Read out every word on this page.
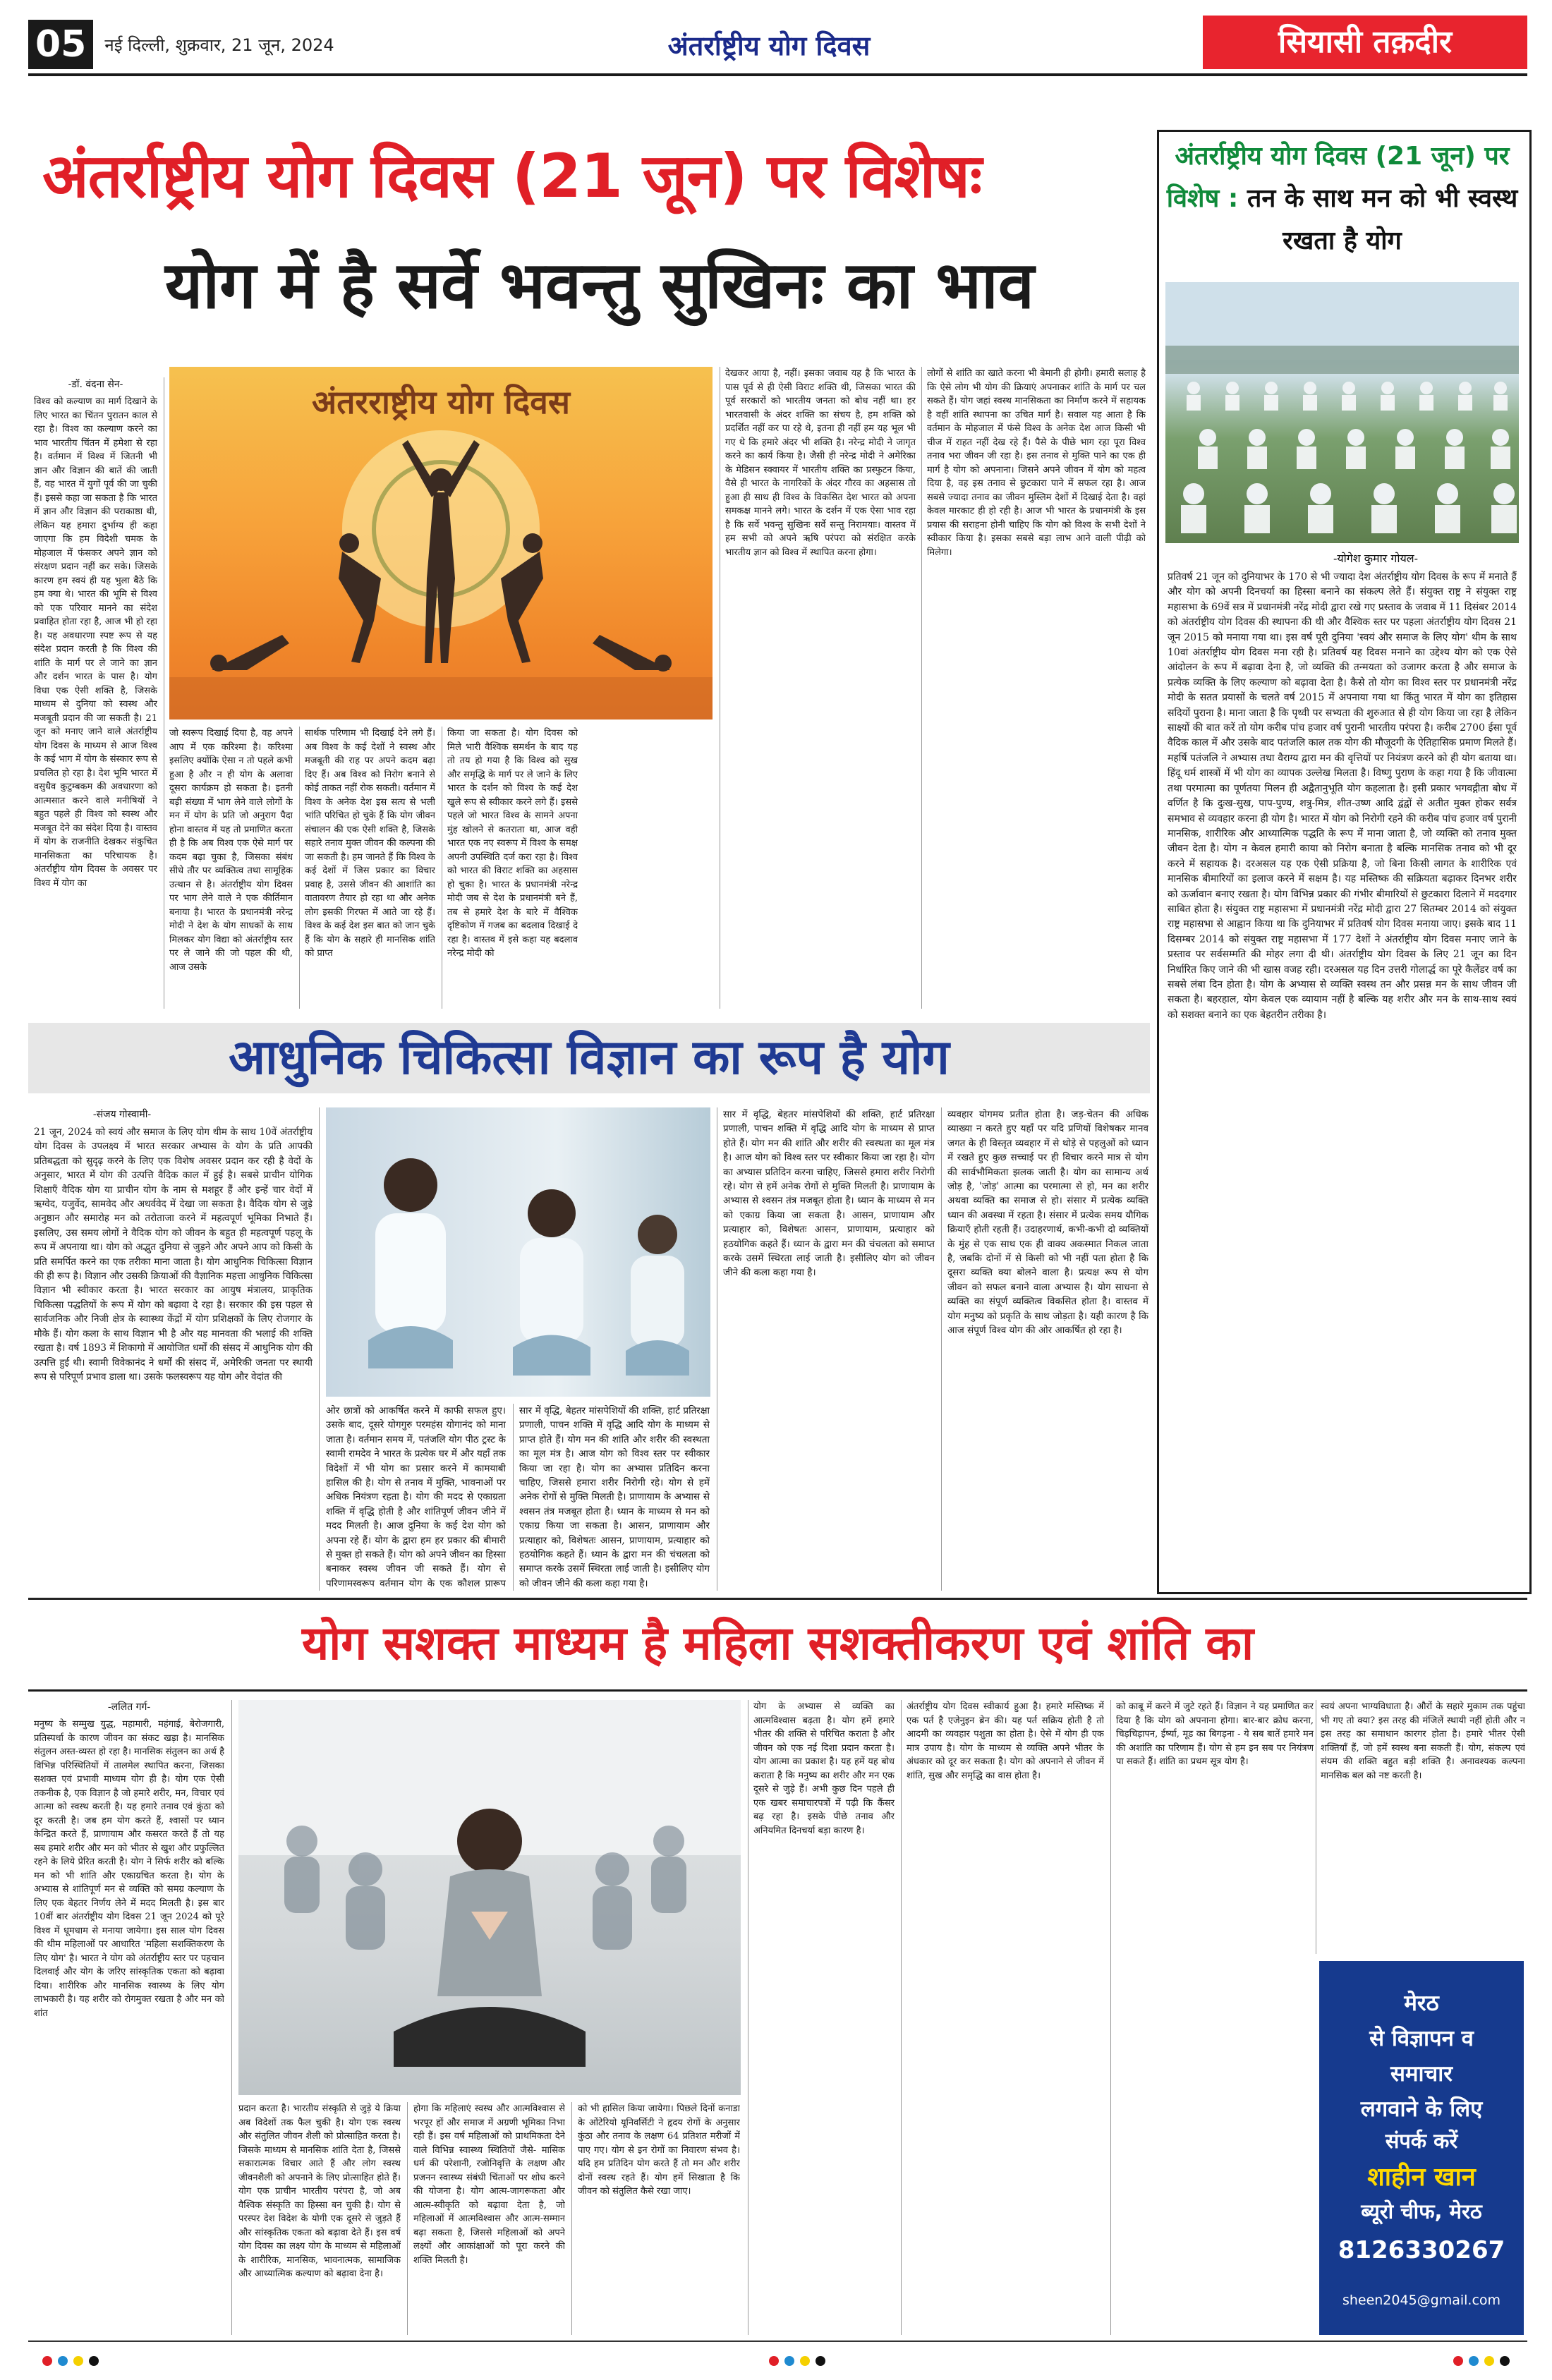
05	नई दिल्ली, शुक्रवार, 21 जून, 2024	अंतर्राष्ट्रीय योग दिवस	सियासी तक़दीर
अंतर्राष्ट्रीय योग दिवस (21 जून) पर विशेषः
योग में है सर्वे भवन्तु सुखिनः का भाव
-डॉ. वंदना सेन-
विश्व को कल्याण का मार्ग दिखाने के लिए भारत का चिंतन पुरातन काल से रहा है। विश्व का कल्याण करने का भाव भारतीय चिंतन में हमेशा से रहा है। वर्तमान में विश्व में जितनी भी ज्ञान और विज्ञान की बातें की जाती हैं, वह भारत में युगों पूर्व की जा चुकी हैं। इससे कहा जा सकता है कि भारत में ज्ञान और विज्ञान की पराकाष्ठा थी, लेकिन यह हमारा दुर्भाग्य ही कहा जाएगा कि हम विदेशी चमक के मोहजाल में फंसकर अपने ज्ञान को संरक्षण प्रदान नहीं कर सके। जिसके कारण हम स्वयं ही यह भुला बैठे कि हम क्या थे। भारत की भूमि से विश्व को एक परिवार मानने का संदेश प्रवाहित होता रहा है, आज भी हो रहा है। यह अवधारणा स्पष्ट रूप से यह संदेश प्रदान करती है कि विश्व की शांति के मार्ग पर ले जाने का ज्ञान और दर्शन भारत के पास है। योग विधा एक ऐसी शक्ति है, जिसके माध्यम से दुनिया को स्वस्थ और मजबूती प्रदान की जा सकती है। 21 जून को मनाए जाने वाले अंतर्राष्ट्रीय योग दिवस के माध्यम से आज विश्व के कई भाग में योग के संस्कार रूप से प्रचलित हो रहा है। देश भूमि भारत में वसुधैव कुटुम्बकम की अवधारणा को आत्मसात करने वाले मनीषियों ने बहुत पहले ही विश्व को स्वस्थ और मजबूत देने का संदेश दिया है। वास्तव में योग के राजनीति देखकर संकुचित मानसिकता का परिचायक है। अंतर्राष्ट्रीय योग दिवस के अवसर पर विश्व में योग का
अंतरराष्ट्रीय योग दिवस
जो स्वरूप दिखाई दिया है, वह अपने आप में एक करिश्मा है। करिश्मा इसलिए क्योंकि ऐसा न तो पहले कभी हुआ है और न ही योग के अलावा दूसरा कार्यक्रम हो सकता है। इतनी बड़ी संख्या में भाग लेने वाले लोगों के मन में योग के प्रति जो अनुराग पैदा होना वास्तव में यह तो प्रमाणित करता ही है कि अब विश्व एक ऐसे मार्ग पर कदम बढ़ा चुका है, जिसका संबंध सीधे तौर पर व्यक्तित्व तथा सामूहिक उत्थान से है। अंतर्राष्ट्रीय योग दिवस पर भाग लेने वाले ने एक कीर्तिमान बनाया है। भारत के प्रधानमंत्री नरेन्द्र मोदी ने देश के योग साधकों के साथ मिलकर योग विद्या को अंतर्राष्ट्रीय स्तर पर ले जाने की जो पहल की थी, आज उसके
सार्थक परिणाम भी दिखाई देने लगे हैं। अब विश्व के कई देशों ने स्वस्थ और मजबूती की राह पर अपने कदम बढ़ा दिए हैं। अब विश्व को निरोग बनाने से कोई ताकत नहीं रोक सकती। वर्तमान में विश्व के अनेक देश इस सत्य से भली भांति परिचित हो चुके हैं कि योग जीवन संचालन की एक ऐसी शक्ति है, जिसके सहारे तनाव मुक्त जीवन की कल्पना की जा सकती है। हम जानते हैं कि विश्व के कई देशों में जिस प्रकार का विचार प्रवाह है, उससे जीवन की आशांति का वातावरण तैयार हो रहा था और अनेक लोग इसकी गिरफ्त में आते जा रहे हैं। विश्व के कई देश इस बात को जान चुके हैं कि योग के सहारे ही मानसिक शांति को प्राप्त
किया जा सकता है। योग दिवस को मिले भारी वैश्विक समर्थन के बाद यह तो तय हो गया है कि विश्व को सुख और समृद्धि के मार्ग पर ले जाने के लिए भारत के दर्शन को विश्व के कई देश खुले रूप से स्वीकार करने लगे हैं। इससे पहले जो भारत विश्व के सामने अपना मुंह खोलने से कतराता था, आज वही भारत एक नए स्वरूप में विश्व के समक्ष अपनी उपस्थिति दर्ज करा रहा है। विश्व को भारत की विराट शक्ति का अहसास हो चुका है। भारत के प्रधानमंत्री नरेन्द्र मोदी जब से देश के प्रधानमंत्री बने हैं, तब से हमारे देश के बारे में वैश्विक दृष्टिकोण में गजब का बदलाव दिखाई दे रहा है। वास्तव में इसे कहा यह बदलाव नरेन्द्र मोदी को
देखकर आया है, नहीं। इसका जवाब यह है कि भारत के पास पूर्व से ही ऐसी विराट शक्ति थी, जिसका भारत की पूर्व सरकारों को भारतीय जनता को बोध नहीं था। हर भारतवासी के अंदर शक्ति का संचय है, हम शक्ति को प्रदर्शित नहीं कर पा रहे थे, इतना ही नहीं हम यह भूल भी गए थे कि हमारे अंदर भी शक्ति है। नरेन्द्र मोदी ने जागृत करने का कार्य किया है। जैसी ही नरेन्द्र मोदी ने अमेरिका के मेडिसन स्क्वायर में भारतीय शक्ति का प्रस्फुटन किया, वैसे ही भारत के नागरिकों के अंदर गौरव का अहसास तो हुआ ही साथ ही विश्व के विकसित देश भारत को अपना समकक्ष मानने लगे। भारत के दर्शन में एक ऐसा भाव रहा है कि सर्वे भवन्तु सुखिनः सर्वे सन्तु निरामयाः। वास्तव में हम सभी को अपने ऋषि परंपरा को संरक्षित करके भारतीय ज्ञान को विश्व में स्थापित करना होगा।
लोगों से शांति का खाते करना भी बेमानी ही होगी। हमारी सलाह है कि ऐसे लोग भी योग की क्रियाएं अपनाकर शांति के मार्ग पर चल सकते हैं। योग जहां स्वस्थ मानसिकता का निर्माण करने में सहायक है वहीं शांति स्थापना का उचित मार्ग है। सवाल यह आता है कि वर्तमान के मोहजाल में फंसे विश्व के अनेक देश आज किसी भी चीज में राहत नहीं देख रहे हैं। पैसे के पीछे भाग रहा पूरा विश्व तनाव भरा जीवन जी रहा है। इस तनाव से मुक्ति पाने का एक ही मार्ग है योग को अपनाना। जिसने अपने जीवन में योग को महत्व दिया है, वह इस तनाव से छुटकारा पाने में सफल रहा है। आज सबसे ज्यादा तनाव का जीवन मुस्लिम देशों में दिखाई देता है। वहां केवल मारकाट ही हो रही है। आज भी भारत के प्रधानमंत्री के इस प्रयास की सराहना होनी चाहिए कि योग को विश्व के सभी देशों ने स्वीकार किया है। इसका सबसे बड़ा लाभ आने वाली पीढ़ी को मिलेगा।
अंतर्राष्ट्रीय योग दिवस (21 जून) पर विशेष : तन के साथ मन को भी स्वस्थ रखता है योग
-योगेश कुमार गोयल-
प्रतिवर्ष 21 जून को दुनियाभर के 170 से भी ज्यादा देश अंतर्राष्ट्रीय योग दिवस के रूप में मनाते हैं और योग को अपनी दिनचर्या का हिस्सा बनाने का संकल्प लेते हैं। संयुक्त राष्ट्र ने संयुक्त राष्ट्र महासभा के 69वें सत्र में प्रधानमंत्री नरेंद्र मोदी द्वारा रखे गए प्रस्ताव के जवाब में 11 दिसंबर 2014 को अंतर्राष्ट्रीय योग दिवस की स्थापना की थी और वैश्विक स्तर पर पहला अंतर्राष्ट्रीय योग दिवस 21 जून 2015 को मनाया गया था। इस वर्ष पूरी दुनिया 'स्वयं और समाज के लिए योग' थीम के साथ 10वां अंतर्राष्ट्रीय योग दिवस मना रही है। प्रतिवर्ष यह दिवस मनाने का उद्देश्य योग को एक ऐसे आंदोलन के रूप में बढ़ावा देना है, जो व्यक्ति की तन्मयता को उजागर करता है और समाज के प्रत्येक व्यक्ति के लिए कल्याण को बढ़ावा देता है। कैसे तो योग का विश्व स्तर पर प्रधानमंत्री नरेंद्र मोदी के सतत प्रयासों के चलते वर्ष 2015 में अपनाया गया था किंतु भारत में योग का इतिहास सदियों पुराना है। माना जाता है कि पृथ्वी पर सभ्यता की शुरुआत से ही योग किया जा रहा है लेकिन साक्ष्यों की बात करें तो योग करीब पांच हजार वर्ष पुरानी भारतीय परंपरा है। करीब 2700 ईसा पूर्व वैदिक काल में और उसके बाद पतंजलि काल तक योग की मौजूदगी के ऐतिहासिक प्रमाण मिलते हैं। महर्षि पतंजलि ने अभ्यास तथा वैराग्य द्वारा मन की वृत्तियों पर नियंत्रण करने को ही योग बताया था। हिंदू धर्म शास्त्रों में भी योग का व्यापक उल्लेख मिलता है। विष्णु पुराण के कहा गया है कि जीवात्मा तथा परमात्मा का पूर्णतया मिलन ही अद्वैतानुभूति योग कहलाता है। इसी प्रकार भगवद्गीता बोध में वर्णित है कि दुःख-सुख, पाप-पुण्य, शत्रु-मित्र, शीत-उष्ण आदि द्वंद्वों से अतीत मुक्त होकर सर्वत्र समभाव से व्यवहार करना ही योग है। भारत में योग को निरोगी रहने की करीब पांच हजार वर्ष पुरानी मानसिक, शारीरिक और आध्यात्मिक पद्धति के रूप में माना जाता है, जो व्यक्ति को तनाव मुक्त जीवन देता है। योग न केवल हमारी काया को निरोग बनाता है बल्कि मानसिक तनाव को भी दूर करने में सहायक है। दरअसल यह एक ऐसी प्रक्रिया है, जो बिना किसी लागत के शारीरिक एवं मानसिक बीमारियों का इलाज करने में सक्षम है। यह मस्तिष्क की सक्रियता बढ़ाकर दिनभर शरीर को ऊर्जावान बनाए रखता है। योग विभिन्न प्रकार की गंभीर बीमारियों से छुटकारा दिलाने में मददगार साबित होता है। संयुक्त राष्ट्र महासभा में प्रधानमंत्री नरेंद्र मोदी द्वारा 27 सितम्बर 2014 को संयुक्त राष्ट्र महासभा से आह्वान किया था कि दुनियाभर में प्रतिवर्ष योग दिवस मनाया जाए। इसके बाद 11 दिसम्बर 2014 को संयुक्त राष्ट्र महासभा में 177 देशों ने अंतर्राष्ट्रीय योग दिवस मनाए जाने के प्रस्ताव पर सर्वसम्मति की मोहर लगा दी थी। अंतर्राष्ट्रीय योग दिवस के लिए 21 जून का दिन निर्धारित किए जाने की भी खास वजह रही। दरअसल यह दिन उत्तरी गोलार्द्ध का पूरे कैलेंडर वर्ष का सबसे लंबा दिन होता है। योग के अभ्यास से व्यक्ति स्वस्थ तन और प्रसन्न मन के साथ जीवन जी सकता है। बहरहाल, योग केवल एक व्यायाम नहीं है बल्कि यह शरीर और मन के साथ-साथ स्वयं को सशक्त बनाने का एक बेहतरीन तरीका है।
आधुनिक चिकित्सा विज्ञान का रूप है योग
-संजय गोस्वामी-
21 जून, 2024 को स्वयं और समाज के लिए योग थीम के साथ 10वें अंतर्राष्ट्रीय योग दिवस के उपलक्ष्य में भारत सरकार अभ्यास के योग के प्रति आपकी प्रतिबद्धता को सुदृढ़ करने के लिए एक विशेष अवसर प्रदान कर रही है वेदों के अनुसार, भारत में योग की उत्पत्ति वैदिक काल में हुई है। सबसे प्राचीन योगिक शिक्षाएँ वैदिक योग या प्राचीन योग के नाम से मशहूर हैं और इन्हें चार वेदों में ऋग्वेद, यजुर्वेद, सामवेद और अथर्ववेद में देखा जा सकता है। वैदिक योग से जुड़े अनुष्ठान और समारोह मन को तरोताजा करने में महत्वपूर्ण भूमिका निभाते हैं। इसलिए, उस समय लोगों ने वैदिक योग को जीवन के बहुत ही महत्वपूर्ण पहलू के रूप में अपनाया था। योग को अद्भुत दुनिया से जुड़ने और अपने आप को किसी के प्रति समर्पित करने का एक तरीका माना जाता है। योग आधुनिक चिकित्सा विज्ञान की ही रूप है। विज्ञान और उसकी क्रियाओं की वैज्ञानिक महत्ता आधुनिक चिकित्सा विज्ञान भी स्वीकार करता है। भारत सरकार का आयुष मंत्रालय, प्राकृतिक चिकित्सा पद्धतियों के रूप में योग को बढ़ावा दे रहा है। सरकार की इस पहल से सार्वजनिक और निजी क्षेत्र के स्वास्थ्य केंद्रों में योग प्रशिक्षकों के लिए रोजगार के मौके हैं। योग कला के साथ विज्ञान भी है और यह मानवता की भलाई की शक्ति रखता है। वर्ष 1893 में शिकागो में आयोजित धर्मों की संसद में आधुनिक योग की उत्पत्ति हुई थी। स्वामी विवेकानंद ने धर्मों की संसद में, अमेरिकी जनता पर स्थायी रूप से परिपूर्ण प्रभाव डाला था। उसके फलस्वरूप यह योग और वेदांत की
ओर छात्रों को आकर्षित करने में काफी सफल हुए। उसके बाद, दूसरे योगगुरु परमहंस योगानंद को माना जाता है। वर्तमान समय में, पतंजलि योग पीठ ट्रस्ट के स्वामी रामदेव ने भारत के प्रत्येक घर में और यहाँ तक विदेशों में भी योग का प्रसार करने में कामयाबी हासिल की है। योग से तनाव में मुक्ति, भावनाओं पर अधिक नियंत्रण रहता है। योग की मदद से एकाग्रता शक्ति में वृद्धि होती है और शांतिपूर्ण जीवन जीने में मदद मिलती है। आज दुनिया के कई देश योग को अपना रहे हैं। योग के द्वारा हम हर प्रकार की बीमारी से मुक्त हो सकते हैं। योग को अपने जीवन का हिस्सा बनाकर स्वस्थ जीवन जी सकते हैं। योग से परिणामस्वरूप वर्तमान योग के एक कौशल प्रारूप
सार में वृद्धि, बेहतर मांसपेशियों की शक्ति, हार्ट प्रतिरक्षा प्रणाली, पाचन शक्ति में वृद्धि आदि योग के माध्यम से प्राप्त होते हैं। योग मन की शांति और शरीर की स्वस्थता का मूल मंत्र है। आज योग को विश्व स्तर पर स्वीकार किया जा रहा है। योग का अभ्यास प्रतिदिन करना चाहिए, जिससे हमारा शरीर निरोगी रहे। योग से हमें अनेक रोगों से मुक्ति मिलती है। प्राणायाम के अभ्यास से श्वसन तंत्र मजबूत होता है। ध्यान के माध्यम से मन को एकाग्र किया जा सकता है। आसन, प्राणायाम और प्रत्याहार को, विशेषतः आसन, प्राणायाम, प्रत्याहार को हठयोगिक कहते हैं। ध्यान के द्वारा मन की चंचलता को समाप्त करके उसमें स्थिरता लाई जाती है। इसीलिए योग को जीवन जीने की कला कहा गया है।
सार में वृद्धि, बेहतर मांसपेशियों की शक्ति, हार्ट प्रतिरक्षा प्रणाली, पाचन शक्ति में वृद्धि आदि योग के माध्यम से प्राप्त होते हैं। योग मन की शांति और शरीर की स्वस्थता का मूल मंत्र है। आज योग को विश्व स्तर पर स्वीकार किया जा रहा है। योग का अभ्यास प्रतिदिन करना चाहिए, जिससे हमारा शरीर निरोगी रहे। योग से हमें अनेक रोगों से मुक्ति मिलती है। प्राणायाम के अभ्यास से श्वसन तंत्र मजबूत होता है। ध्यान के माध्यम से मन को एकाग्र किया जा सकता है। आसन, प्राणायाम और प्रत्याहार को, विशेषतः आसन, प्राणायाम, प्रत्याहार को हठयोगिक कहते हैं। ध्यान के द्वारा मन की चंचलता को समाप्त करके उसमें स्थिरता लाई जाती है। इसीलिए योग को जीवन जीने की कला कहा गया है।
व्यवहार योगमय प्रतीत होता है। जड़-चेतन की अधिक व्याख्या न करते हुए यहाँ पर यदि प्रणियों विशेषकर मानव जगत के ही विस्तृत व्यवहार में से थोड़े से पहलुओं को ध्यान में रखते हुए कुछ सच्चाई पर ही विचार करने मात्र से योग की सार्वभौमिकता झलक जाती है। योग का सामान्य अर्थ जोड़ है, 'जोड़' आत्मा का परमात्मा से हो, मन का शरीर अथवा व्यक्ति का समाज से हो। संसार में प्रत्येक व्यक्ति ध्यान की अवस्था में रहता है। संसार में प्रत्येक समय यौगिक क्रियाएँ होती रहती हैं। उदाहरणार्थ, कभी-कभी दो व्यक्तियों के मुंह से एक साथ एक ही वाक्य अकस्मात निकल जाता है, जबकि दोनों में से किसी को भी नहीं पता होता है कि दूसरा व्यक्ति क्या बोलने वाला है। प्रत्यक्ष रूप से योग जीवन को सफल बनाने वाला अभ्यास है। योग साधना से व्यक्ति का संपूर्ण व्यक्तित्व विकसित होता है। वास्तव में योग मनुष्य को प्रकृति के साथ जोड़ता है। यही कारण है कि आज संपूर्ण विश्व योग की ओर आकर्षित हो रहा है।
योग सशक्त माध्यम है महिला सशक्तीकरण एवं शांति का
-ललित गर्ग-
मनुष्य के सम्मुख युद्ध, महामारी, महंगाई, बेरोजगारी, प्रतिस्पर्धा के कारण जीवन का संकट खड़ा है। मानसिक संतुलन अस्त-व्यस्त हो रहा है। मानसिक संतुलन का अर्थ है विभिन्न परिस्थितियों में तालमेल स्थापित करना, जिसका सशक्त एवं प्रभावी माध्यम योग ही है। योग एक ऐसी तकनीक है, एक विज्ञान है जो हमारे शरीर, मन, विचार एवं आत्मा को स्वस्थ करती है। यह हमारे तनाव एवं कुंठा को दूर करती है। जब हम योग करते हैं, श्वासों पर ध्यान केन्द्रित करते हैं, प्राणायाम और कसरत करते हैं तो यह सब हमारे शरीर और मन को भीतर से खुश और प्रफुल्लित रहने के लिये प्रेरित करती है। योग ने सिर्फ शरीर को बल्कि मन को भी शांति और एकाग्रचित करता है। योग के अभ्यास से शांतिपूर्ण मन से व्यक्ति को समग्र कल्याण के लिए एक बेहतर निर्णय लेने में मदद मिलती है। इस बार 10वीं बार अंतर्राष्ट्रीय योग दिवस 21 जून 2024 को पूरे विश्व में धूमधाम से मनाया जायेगा। इस साल योग दिवस की थीम महिलाओं पर आधारित 'महिला सशक्तिकरण के लिए योग' है। भारत ने योग को अंतर्राष्ट्रीय स्तर पर पहचान दिलवाई और योग के जरिए सांस्कृतिक एकता को बढ़ावा दिया। शारीरिक और मानसिक स्वास्थ्य के लिए योग लाभकारी है। यह शरीर को रोगमुक्त रखता है और मन को शांत
प्रदान करता है। भारतीय संस्कृति से जुड़े ये क्रिया अब विदेशों तक फैल चुकी है। योग एक स्वस्थ और संतुलित जीवन शैली को प्रोत्साहित करता है। जिसके माध्यम से मानसिक शांति देता है, जिससे सकारात्मक विचार आते हैं और लोग स्वस्थ जीवनशैली को अपनाने के लिए प्रोत्साहित होते हैं। योग एक प्राचीन भारतीय परंपरा है, जो अब वैश्विक संस्कृति का हिस्सा बन चुकी है। योग से परस्पर देश विदेश के योगी एक दूसरे से जुड़ते हैं और सांस्कृतिक एकता को बढ़ावा देते हैं। इस वर्ष योग दिवस का लक्ष्य योग के माध्यम से महिलाओं के शारीरिक, मानसिक, भावनात्मक, सामाजिक और आध्यात्मिक कल्याण को बढ़ावा देना है।
होगा कि महिलाएं स्वस्थ और आत्मविश्वास से भरपूर हों और समाज में अग्रणी भूमिका निभा रही हैं। इस वर्ष महिलाओं को प्राथमिकता देने वाले विभिन्न स्वास्थ्य स्थितियों जैसे- मासिक धर्म की परेशानी, रजोनिवृत्ति के लक्षण और प्रजनन स्वास्थ्य संबंधी चिंताओं पर शोध करने की योजना है। योग आत्म-जागरूकता और आत्म-स्वीकृति को बढ़ावा देता है, जो महिलाओं में आत्मविश्वास और आत्म-सम्मान बढ़ा सकता है, जिससे महिलाओं को अपने लक्ष्यों और आकांक्षाओं को पूरा करने की शक्ति मिलती है।
को भी हासिल किया जायेगा। पिछले दिनों कनाडा के ओंटेरियो यूनिवर्सिटी ने हृदय रोगों के अनुसार कुंठा और तनाव के लक्षण 64 प्रतिशत मरीजों में पाए गए। योग से इन रोगों का निवारण संभव है। यदि हम प्रतिदिन योग करते हैं तो मन और शरीर दोनों स्वस्थ रहते हैं। योग हमें सिखाता है कि जीवन को संतुलित कैसे रखा जाए।
योग के अभ्यास से व्यक्ति का आत्मविश्वास बढ़ता है। योग हमें हमारे भीतर की शक्ति से परिचित कराता है और जीवन को एक नई दिशा प्रदान करता है। योग आत्मा का प्रकाश है। यह हमें यह बोध कराता है कि मनुष्य का शरीर और मन एक दूसरे से जुड़े हैं। अभी कुछ दिन पहले ही एक खबर समाचारपत्रों में पढ़ी कि कैंसर बढ़ रहा है। इसके पीछे तनाव और अनियमित दिनचर्या बड़ा कारण है।
अंतर्राष्ट्रीय योग दिवस स्वीकार्य हुआ है। हमारे मस्तिष्क में एक पर्त है एजेनुइन ब्रेन की। यह पर्त सक्रिय होती है तो आदमी का व्यवहार पशुता का होता है। ऐसे में योग ही एक मात्र उपाय है। योग के माध्यम से व्यक्ति अपने भीतर के अंधकार को दूर कर सकता है। योग को अपनाने से जीवन में शांति, सुख और समृद्धि का वास होता है।
को काबू में करने में जुटे रहते हैं। विज्ञान ने यह प्रमाणित कर दिया है कि योग को अपनाना होगा। बार-बार क्रोध करना, चिड़चिड़ापन, ईर्ष्या, मूड का बिगड़ना - ये सब बातें हमारे मन की अशांति का परिणाम हैं। योग से हम इन सब पर नियंत्रण पा सकते हैं। शांति का प्रथम सूत्र योग है।
स्वयं अपना भाग्यविधाता है। औरों के सहारे मुकाम तक पहुंचा भी गए तो क्या? इस तरह की मंजिलें स्थायी नहीं होती और न इस तरह का समाधान कारगर होता है। हमारे भीतर ऐसी शक्तियाँ हैं, जो हमें स्वस्थ बना सकती हैं। योग, संकल्प एवं संयम की शक्ति बहुत बड़ी शक्ति है। अनावश्यक कल्पना मानसिक बल को नष्ट करती है।
मेरठ
से विज्ञापन व
समाचार
लगवाने के लिए
संपर्क करें
शाहीन खान
ब्यूरो चीफ, मेरठ
8126330267
sheen2045@gmail.com
